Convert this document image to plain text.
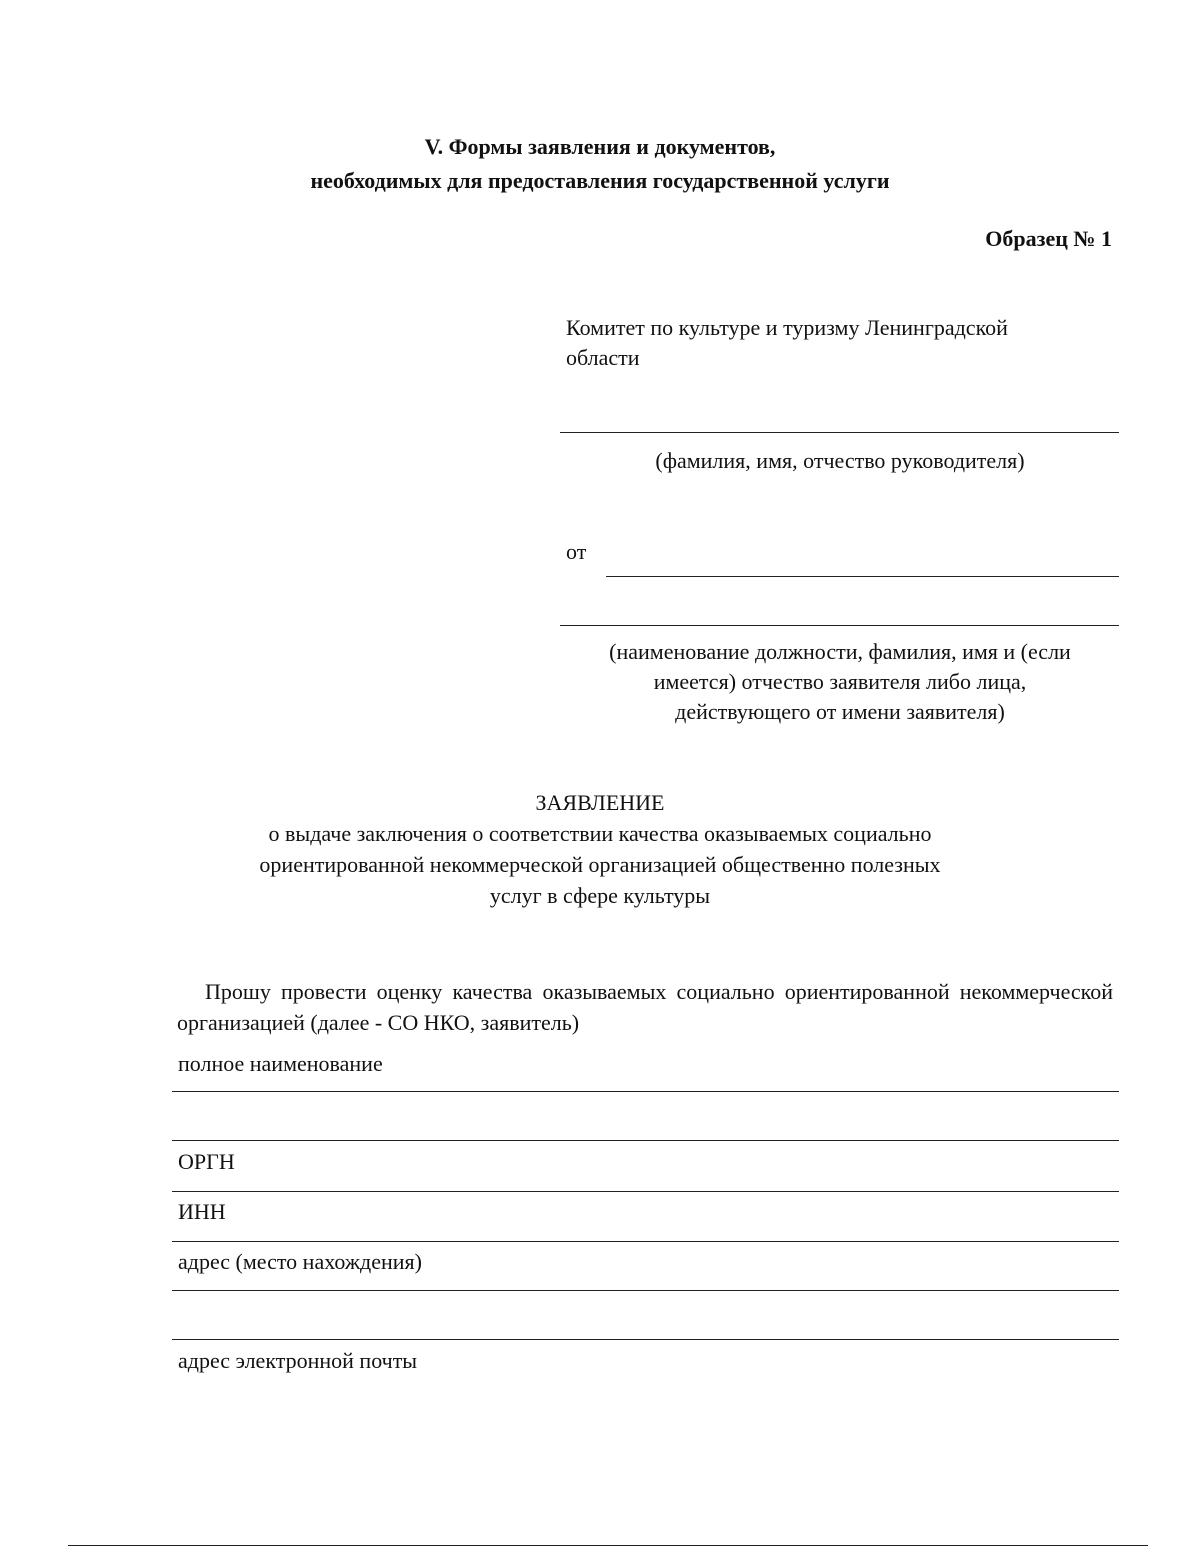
V. Формы заявления и документов,
необходимых для предоставления государственной услуги
Образец № 1
Комитет по культуре и туризму Ленинградской
области
(фамилия, имя, отчество руководителя)
от
(наименование должности, фамилия, имя и (если
имеется) отчество заявителя либо лица,
действующего от имени заявителя)
ЗАЯВЛЕНИЕ
о выдаче заключения о соответствии качества оказываемых социально
ориентированной некоммерческой организацией общественно полезных
услуг в сфере культуры
Прошу провести оценку качества оказываемых социально ориентированной некоммерческой организацией (далее - СО НКО, заявитель)
полное наименование
ОРГН
ИНН
адрес (место нахождения)
адрес электронной почты
